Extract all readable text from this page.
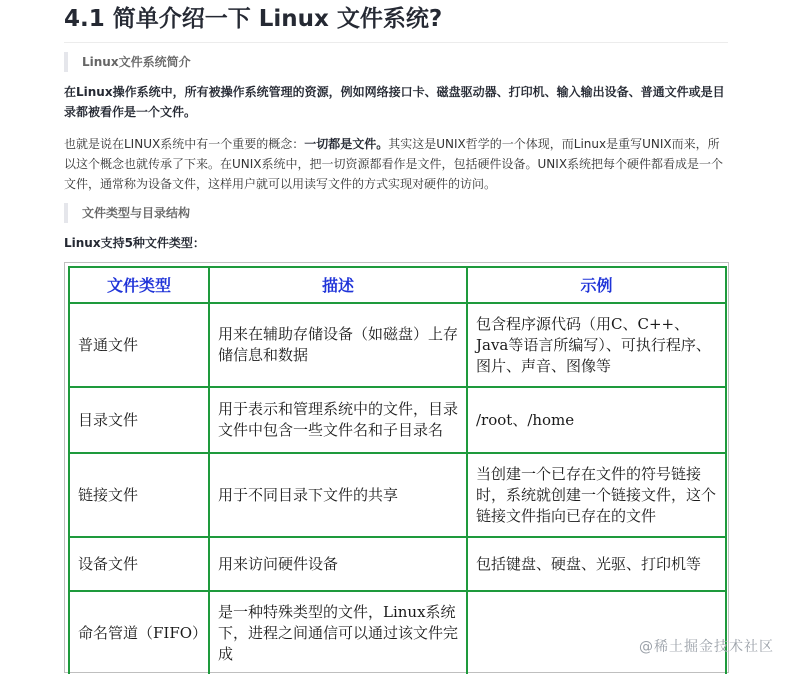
4.1 简单介绍一下 Linux 文件系统?
Linux文件系统简介

在Linux操作系统中，所有被操作系统管理的资源，例如网络接口卡、磁盘驱动器、打印机、输入输出设备、普通文件或是目录都被看作是一个文件。

也就是说在LINUX系统中有一个重要的概念：一切都是文件。其实这是UNIX哲学的一个体现，而Linux是重写UNIX而来，所以这个概念也就传承了下来。在UNIX系统中，把一切资源都看作是文件，包括硬件设备。UNIX系统把每个硬件都看成是一个文件，通常称为设备文件，这样用户就可以用读写文件的方式实现对硬件的访问。

文件类型与目录结构

Linux支持5种文件类型：

文件类型	描述	示例
普通文件	用来在辅助存储设备（如磁盘）上存储信息和数据	包含程序源代码（用C、C++、Java等语言所编写）、可执行程序、图片、声音、图像等
目录文件	用于表示和管理系统中的文件，目录文件中包含一些文件名和子目录名	/root、/home
链接文件	用于不同目录下文件的共享	当创建一个已存在文件的符号链接时，系统就创建一个链接文件，这个链接文件指向已存在的文件
设备文件	用来访问硬件设备	包括键盘、硬盘、光驱、打印机等
命名管道（FIFO）	是一种特殊类型的文件，Linux系统下，进程之间通信可以通过该文件完成		@稀土掘金技术社区
